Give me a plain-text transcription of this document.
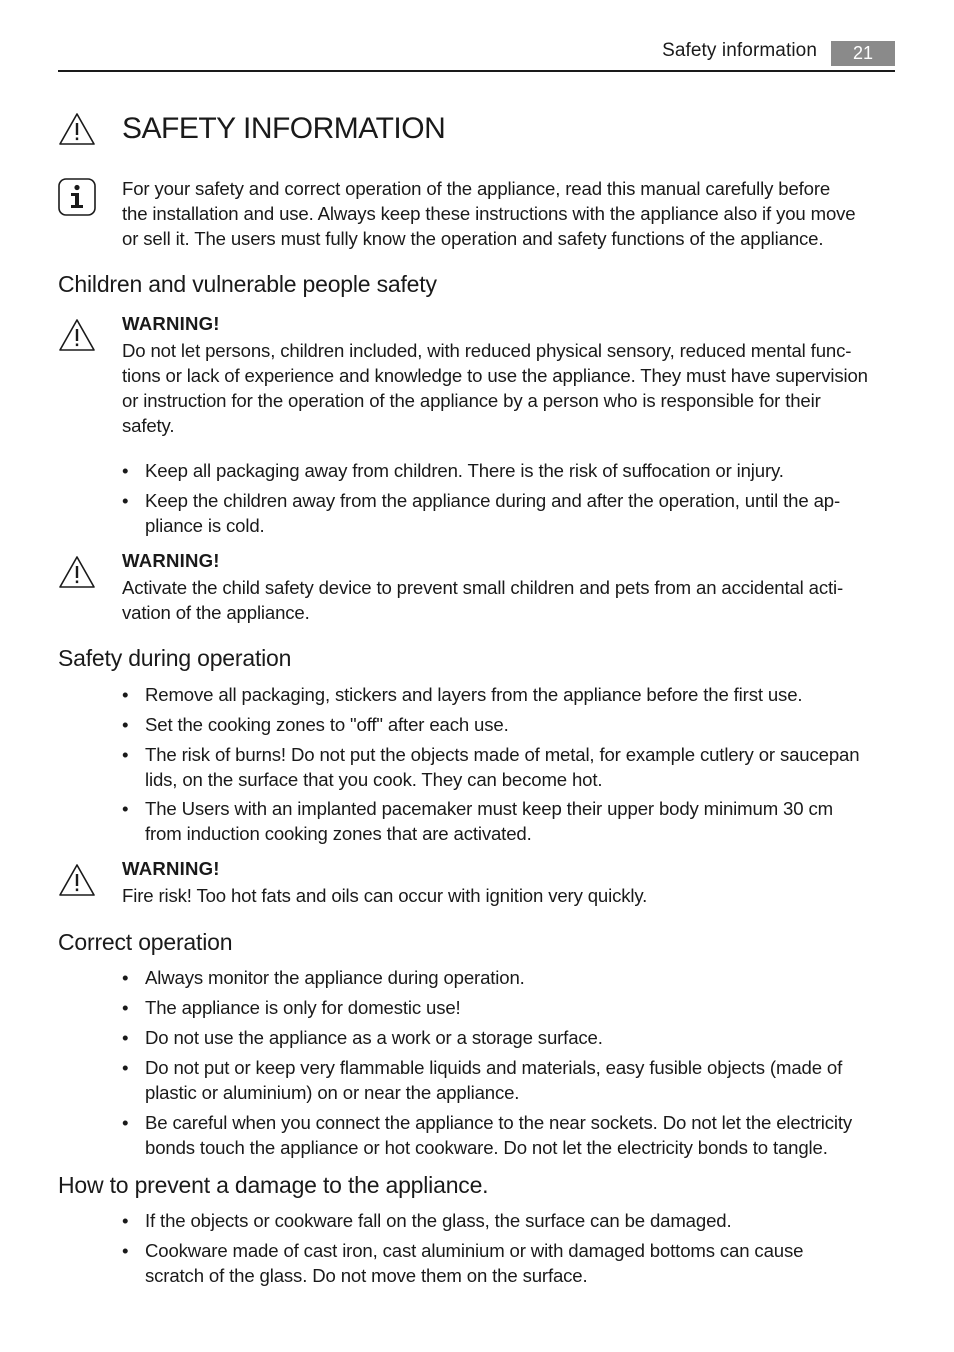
Safety information	21
SAFETY INFORMATION
For your safety and correct operation of the appliance, read this manual carefully before
the installation and use. Always keep these instructions with the appliance also if you move
or sell it. The users must fully know the operation and safety functions of the appliance.
Children and vulnerable people safety
WARNING!
Do not let persons, children included, with reduced physical sensory, reduced mental func-
tions or lack of experience and knowledge to use the appliance. They must have supervision
or instruction for the operation of the appliance by a person who is responsible for their
safety.
• Keep all packaging away from children. There is the risk of suffocation or injury.
• Keep the children away from the appliance during and after the operation, until the ap-
pliance is cold.
WARNING!
Activate the child safety device to prevent small children and pets from an accidental acti-
vation of the appliance.
Safety during operation
• Remove all packaging, stickers and layers from the appliance before the first use.
• Set the cooking zones to "off" after each use.
• The risk of burns! Do not put the objects made of metal, for example cutlery or saucepan
lids, on the surface that you cook. They can become hot.
• The Users with an implanted pacemaker must keep their upper body minimum 30 cm
from induction cooking zones that are activated.
WARNING!
Fire risk! Too hot fats and oils can occur with ignition very quickly.
Correct operation
• Always monitor the appliance during operation.
• The appliance is only for domestic use!
• Do not use the appliance as a work or a storage surface.
• Do not put or keep very flammable liquids and materials, easy fusible objects (made of
plastic or aluminium) on or near the appliance.
• Be careful when you connect the appliance to the near sockets. Do not let the electricity
bonds touch the appliance or hot cookware. Do not let the electricity bonds to tangle.
How to prevent a damage to the appliance.
• If the objects or cookware fall on the glass, the surface can be damaged.
• Cookware made of cast iron, cast aluminium or with damaged bottoms can cause
scratch of the glass. Do not move them on the surface.
